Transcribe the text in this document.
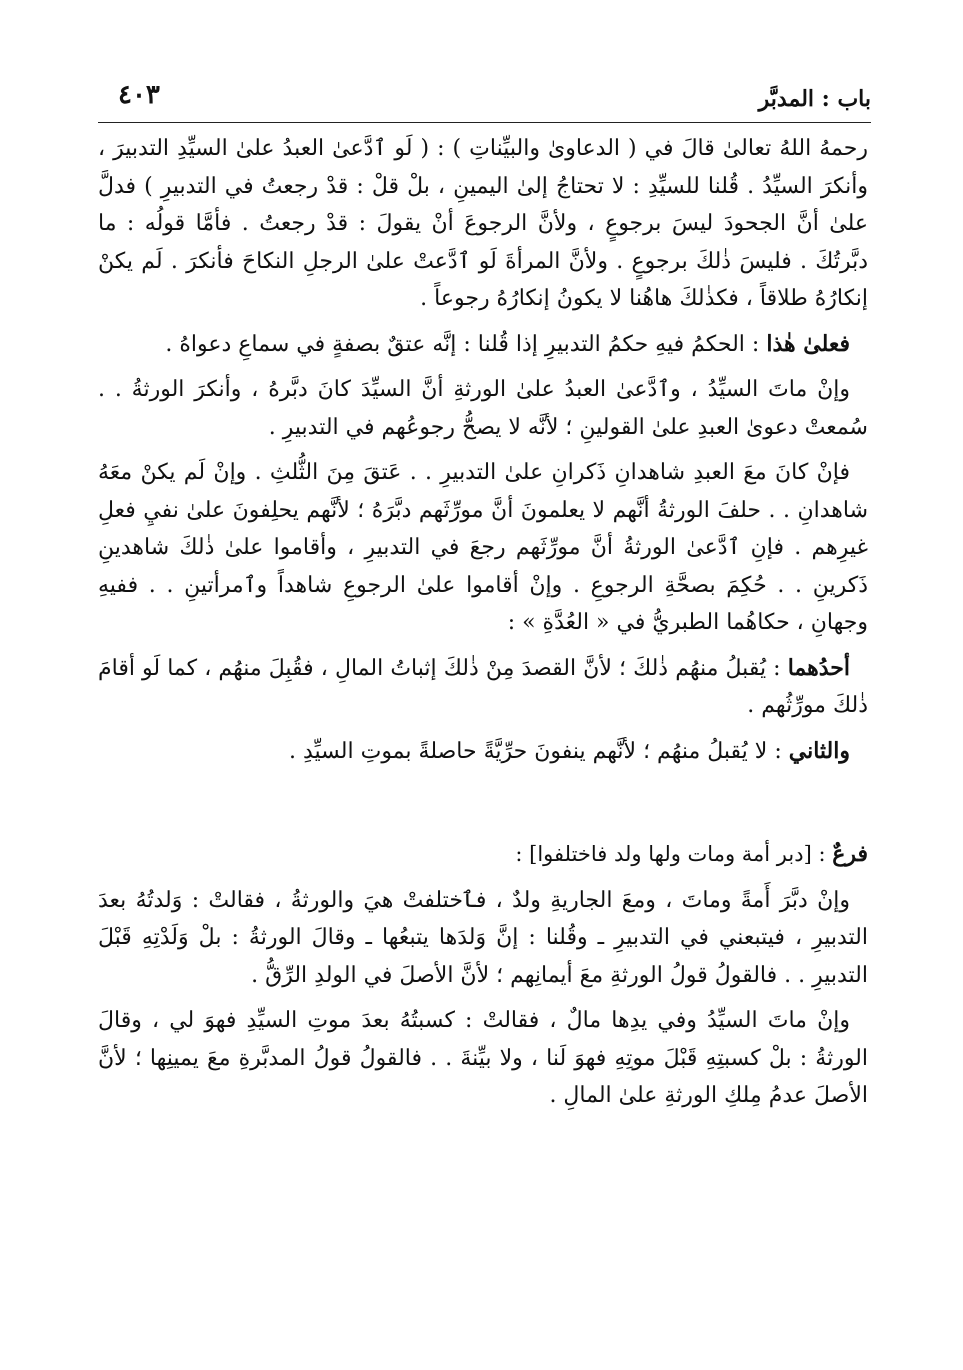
باب : المدبَّر
٤٠٣

رحمهُ اللهُ تعالىٰ قالَ في ( الدعاوىٰ والبيِّناتِ ) : ( لَو ٱدَّعىٰ العبدُ علىٰ السيِّدِ التدبيرَ ، وأنكرَ السيِّدُ . قُلنا للسيِّدِ : لا تحتاجُ إلىٰ اليمينِ ، بلْ قلْ : قدْ رجعتُ في التدبيرِ ) فدلَّ علىٰ أنَّ الجحودَ ليسَ برجوعٍ ، ولأنَّ الرجوعَ أنْ يقولَ : قدْ رجعتُ . فأمَّا قولُه : ما دبَّرتُكَ . فليسَ ذٰلكَ برجوعٍ . ولأنَّ المرأةَ لَو ٱدَّعتْ علىٰ الرجلِ النكاحَ فأنكرَ . لَم يكنْ إنكارُهُ طلاقاً ، فكذٰلكَ هاهُنا لا يكونُ إنكارُهُ رجوعاً .

فعلىٰ هٰذا : الحكمُ فيهِ حكمُ التدبيرِ إذا قُلنا : إنَّه عتقٌ بصفةٍ في سماعِ دعواهُ .

وإنْ ماتَ السيِّدُ ، وٱدَّعىٰ العبدُ علىٰ الورثةِ أنَّ السيِّدَ كانَ دبَّرهُ ، وأنكرَ الورثةُ . . سُمعتْ دعوىٰ العبدِ علىٰ القولينِ ؛ لأنَّه لا يصحُّ رجوعُهم في التدبيرِ .

فإنْ كانَ معَ العبدِ شاهدانِ ذَكرانِ علىٰ التدبيرِ . . عَتقَ مِنَ الثُّلثِ . وإنْ لَم يكنْ معَهُ شاهدانِ . . حلفَ الورثةُ أنَّهم لا يعلمونَ أنَّ مورِّثَهم دبَّرَهُ ؛ لأنَّهم يحلِفونَ علىٰ نفيِ فعلِ غيرِهم . فإنِ ٱدَّعىٰ الورثةُ أنَّ مورِّثَهم رجعَ في التدبيرِ ، وأقاموا علىٰ ذٰلكَ شاهدينِ ذَكرينِ . . حُكِمَ بصحَّةِ الرجوعِ . وإنْ أقاموا علىٰ الرجوعِ شاهداً وٱمرأتينِ . . ففيهِ وجهانِ ، حكاهُما الطبريُّ في « العُدَّةِ » :

أحدُهما : يُقبلُ منهُم ذٰلكَ ؛ لأنَّ القصدَ مِنْ ذٰلكَ إثباتُ المالِ ، فقُبِلَ منهُم ، كما لَو أقامَ ذٰلكَ مورِّثُهم .

والثاني : لا يُقبلُ منهُم ؛ لأنَّهم ينفونَ حرِّيَّةً حاصلةً بموتِ السيِّدِ .

فرعٌ : [دبر أمة ومات ولها ولد فاختلفوا] :

وإنْ دبَّرَ أَمةً وماتَ ، ومعَ الجاريةِ ولدٌ ، فٱختلفتْ هيَ والورثةُ ، فقالتْ : وَلدتُهُ بعدَ التدبيرِ ، فيتبعني في التدبيرِ ـ وقُلنا : إنَّ وَلدَها يتبعُها ـ وقالَ الورثةُ : بلْ وَلَدْتِهِ قَبْلَ التدبيرِ . . فالقولُ قولُ الورثةِ معَ أيمانِهم ؛ لأنَّ الأصلَ في الولدِ الرِّقُّ .

وإنْ ماتَ السيِّدُ وفي يدِها مالٌ ، فقالتْ : كسبتُهُ بعدَ موتِ السيِّدِ فهوَ لي ، وقالَ الورثةُ : بلْ كسبتِهِ قَبْلَ موتِهِ فهوَ لَنا ، ولا بيِّنةَ . . فالقولُ قولُ المدبَّرةِ معَ يمينِها ؛ لأنَّ الأصلَ عدمُ مِلكِ الورثةِ علىٰ المالِ .
